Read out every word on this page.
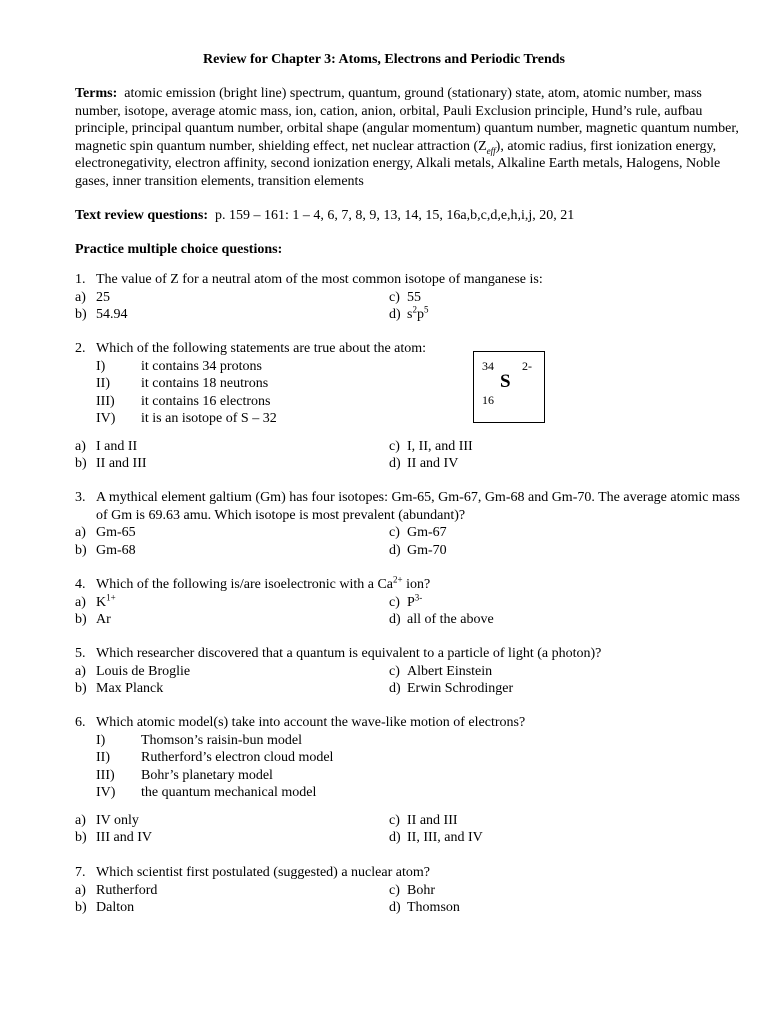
Review for Chapter 3: Atoms, Electrons and Periodic Trends
Terms: atomic emission (bright line) spectrum, quantum, ground (stationary) state, atom, atomic number, mass number, isotope, average atomic mass, ion, cation, anion, orbital, Pauli Exclusion principle, Hund’s rule, aufbau principle, principal quantum number, orbital shape (angular momentum) quantum number, magnetic quantum number, magnetic spin quantum number, shielding effect, net nuclear attraction $(Z_{eff})$, atomic radius, first ionization energy, electronegativity, electron affinity, second ionization energy, Alkali metals, Alkaline Earth metals, Halogens, Noble gases, inner transition elements, transition elements
Text review questions: p. 159 – 161: 1 – 4, 6, 7, 8, 9, 13, 14, 15, 16a,b,c,d,e,h,i,j, 20, 21
Practice multiple choice questions:
1. The value of Z for a neutral atom of the most common isotope of manganese is:
a) 25	c) 55
b) 54.94	d) $s^2p^5$
2. Which of the following statements are true about the atom:
I)	it contains 34 protons
II) it contains 18 neutrons
III) it contains 16 electrons
IV) it is an isotope of S – 32
a) I and II	c) I, II, and III
b) II and III	d) II and IV
34 2-
S
16
3. A mythical element galtium (Gm) has four isotopes: Gm-65, Gm-67, Gm-68 and Gm-70. The average atomic mass of Gm is 69.63 amu. Which isotope is most prevalent (abundant)?
a) Gm-65	c) Gm-67
b) Gm-68	d) Gm-70
4. Which of the following is/are isoelectronic with a $Ca^{2+}$ ion?
a) $K^{1+}$	c) $P^{3-}$
b) Ar	d) all of the above
5. Which researcher discovered that a quantum is equivalent to a particle of light (a photon)?
a) Louis de Broglie	c) Albert Einstein
b) Max Planck	d) Erwin Schrodinger
6. Which atomic model(s) take into account the wave-like motion of electrons?
I)	Thomson’s raisin-bun model
II) Rutherford’s electron cloud model
III) Bohr’s planetary model
IV) the quantum mechanical model
a) IV only	c) II and III
b) III and IV	d) II, III, and IV
7. Which scientist first postulated (suggested) a nuclear atom?
a) Rutherford	c) Bohr
b) Dalton	d) Thomson
